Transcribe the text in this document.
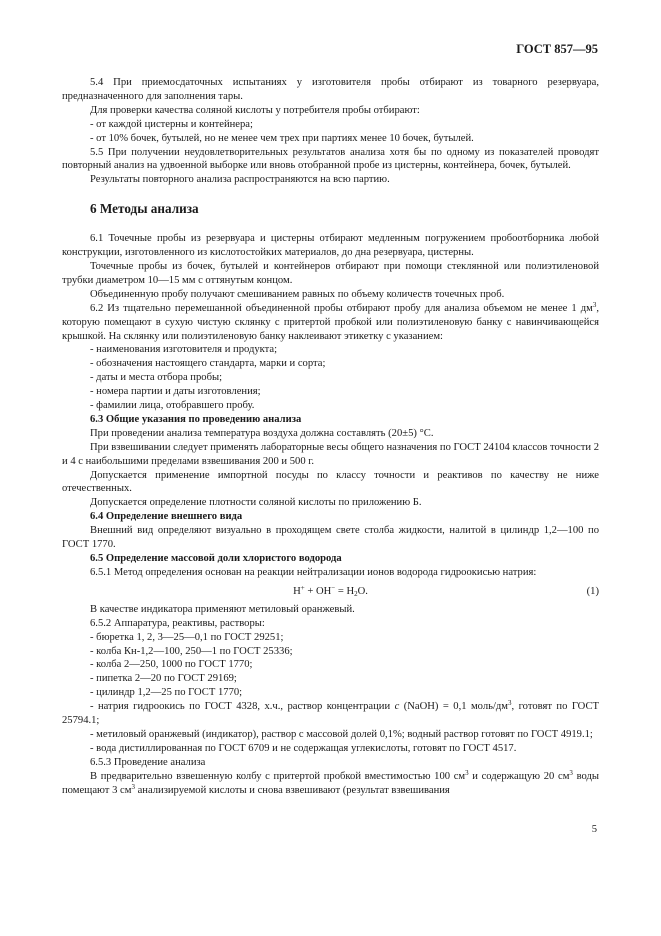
ГОСТ 857—95

5.4 При приемосдаточных испытаниях у изготовителя пробы отбирают из товарного резервуара, предназначенного для заполнения тары.

Для проверки качества соляной кислоты у потребителя пробы отбирают:

- от каждой цистерны и контейнера;

- от 10% бочек, бутылей, но не менее чем трех при партиях менее 10 бочек, бутылей.

5.5 При получении неудовлетворительных результатов анализа хотя бы по одному из показателей проводят повторный анализ на удвоенной выборке или вновь отобранной пробе из цистерны, контейнера, бочек, бутылей.

Результаты повторного анализа распространяются на всю партию.

6 Методы анализа

6.1 Точечные пробы из резервуара и цистерны отбирают медленным погружением пробоотборника любой конструкции, изготовленного из кислотостойких материалов, до дна резервуара, цистерны.

Точечные пробы из бочек, бутылей и контейнеров отбирают при помощи стеклянной или полиэтиленовой трубки диаметром 10—15 мм с оттянутым концом.

Объединенную пробу получают смешиванием равных по объему количеств точечных проб.

6.2 Из тщательно перемешанной объединенной пробы отбирают пробу для анализа объемом не менее 1 $дм^3$, которую помещают в сухую чистую склянку с притертой пробкой или полиэтиленовую банку с навинчивающейся крышкой. На склянку или полиэтиленовую банку наклеивают этикетку с указанием:

- наименования изготовителя и продукта;

- обозначения настоящего стандарта, марки и сорта;

- даты и места отбора пробы;

- номера партии и даты изготовления;

- фамилии лица, отобравшего пробу.

6.3 Общие указания по проведению анализа

При проведении анализа температура воздуха должна составлять (20±5) °С.

При взвешивании следует применять лабораторные весы общего назначения по ГОСТ 24104 классов точности 2 и 4 с наибольшими пределами взвешивания 200 и 500 г.

Допускается применение импортной посуды по классу точности и реактивов по качеству не ниже отечественных.

Допускается определение плотности соляной кислоты по приложению Б.

6.4 Определение внешнего вида

Внешний вид определяют визуально в проходящем свете столба жидкости, налитой в цилиндр 1,2—100 по ГОСТ 1770.

6.5 Определение массовой доли хлористого водорода

6.5.1 Метод определения основан на реакции нейтрализации ионов водорода гидроокисью натрия:

$H^+ + OH^- = H_2O$.	(1)

В качестве индикатора применяют метиловый оранжевый.

6.5.2 Аппаратура, реактивы, растворы:

- бюретка 1, 2, 3—25—0,1 по ГОСТ 29251;

- колба Кн-1,2—100, 250—1 по ГОСТ 25336;

- колба 2—250, 1000 по ГОСТ 1770;

- пипетка 2—20 по ГОСТ 29169;

- цилиндр 1,2—25 по ГОСТ 1770;

- натрия гидроокись по ГОСТ 4328, х.ч., раствор концентрации c (NaOH) = 0,1 моль/$дм^3$, готовят по ГОСТ 25794.1;

- метиловый оранжевый (индикатор), раствор с массовой долей 0,1%; водный раствор готовят по ГОСТ 4919.1;

- вода дистиллированная по ГОСТ 6709 и не содержащая углекислоты, готовят по ГОСТ 4517.

6.5.3 Проведение анализа

В предварительно взвешенную колбу с притертой пробкой вместимостью 100 $см^3$ и содержащую 20 $см^3$ воды помещают 3 $см^3$ анализируемой кислоты и снова взвешивают (результат взвешивания

5
